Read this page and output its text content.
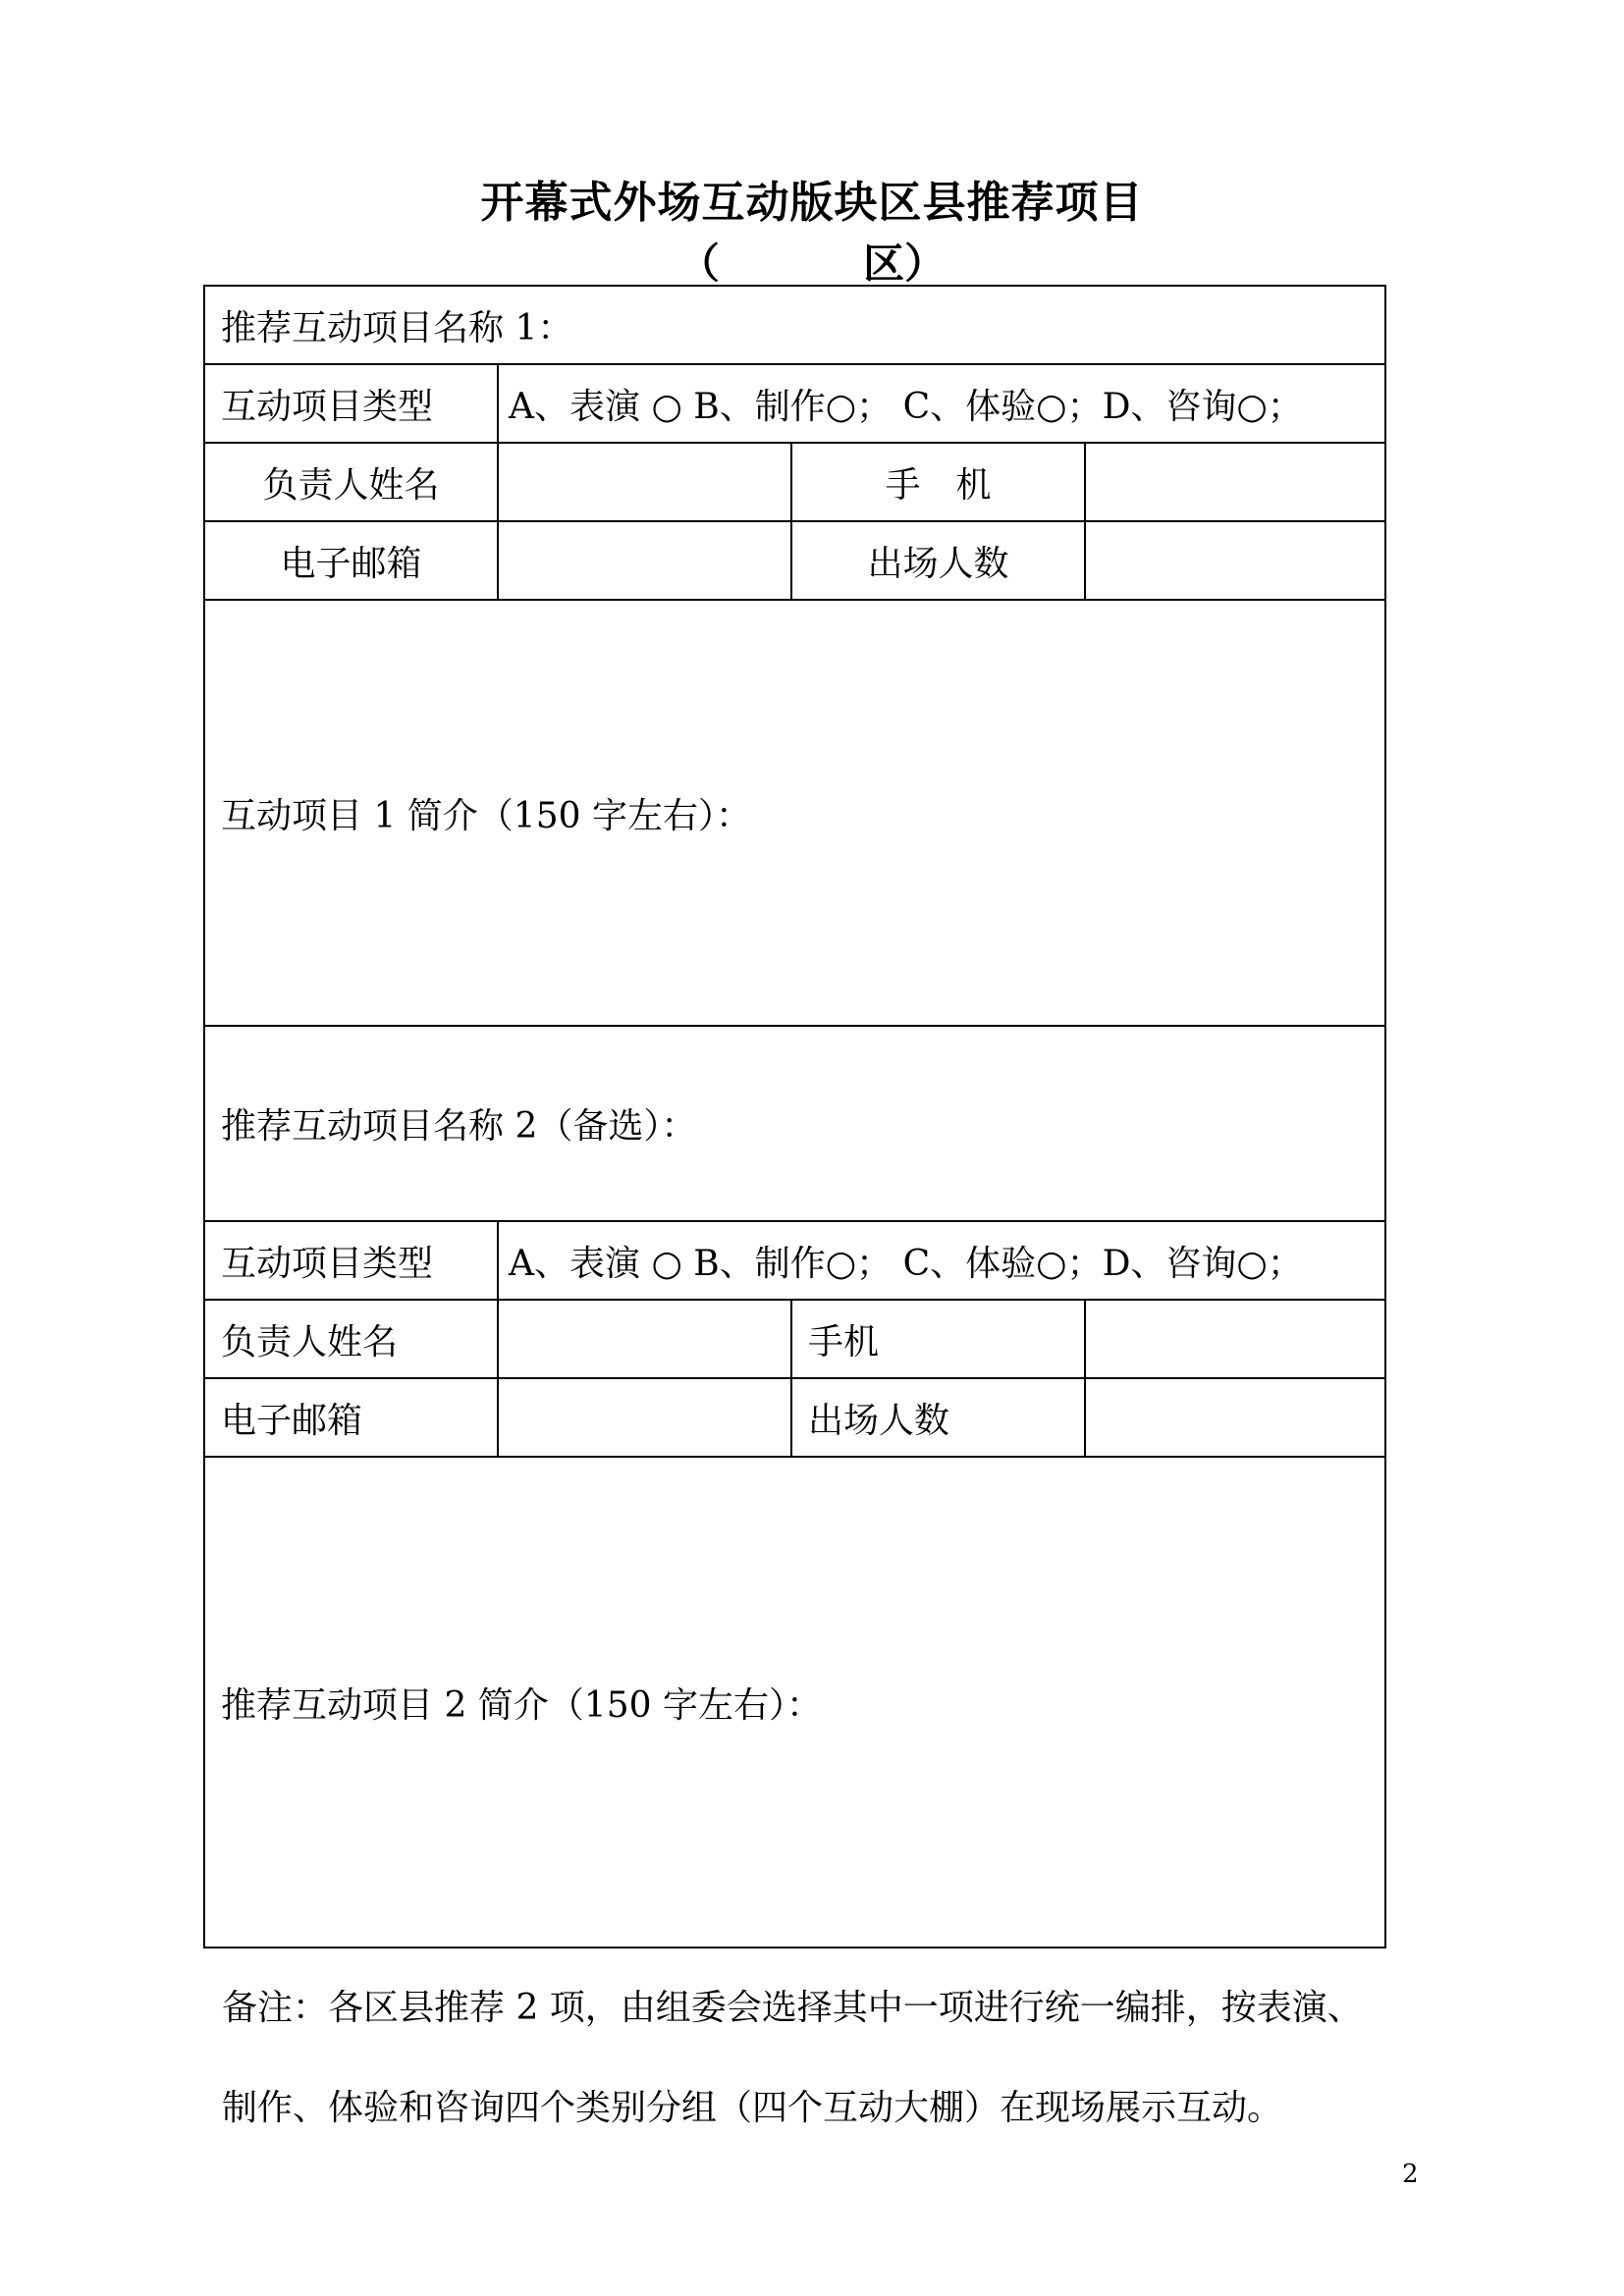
开幕式外场互动版块区县推荐项目
（          区）
推荐互动项目名称 1：			
互动项目类型	A、表演 ○ B、制作○； C、体验○；D、咨询○；		
负责人姓名		手　机	
电子邮箱		出场人数	
互动项目 1 简介（150 字左右）：			
推荐互动项目名称 2（备选）：			
互动项目类型	A、表演 ○ B、制作○； C、体验○；D、咨询○；		
负责人姓名		手机	
电子邮箱		出场人数	
推荐互动项目 2 简介（150 字左右）：			
备注：各区县推荐 2 项，由组委会选择其中一项进行统一编排，按表演、
制作、体验和咨询四个类别分组（四个互动大棚）在现场展示互动。
2
